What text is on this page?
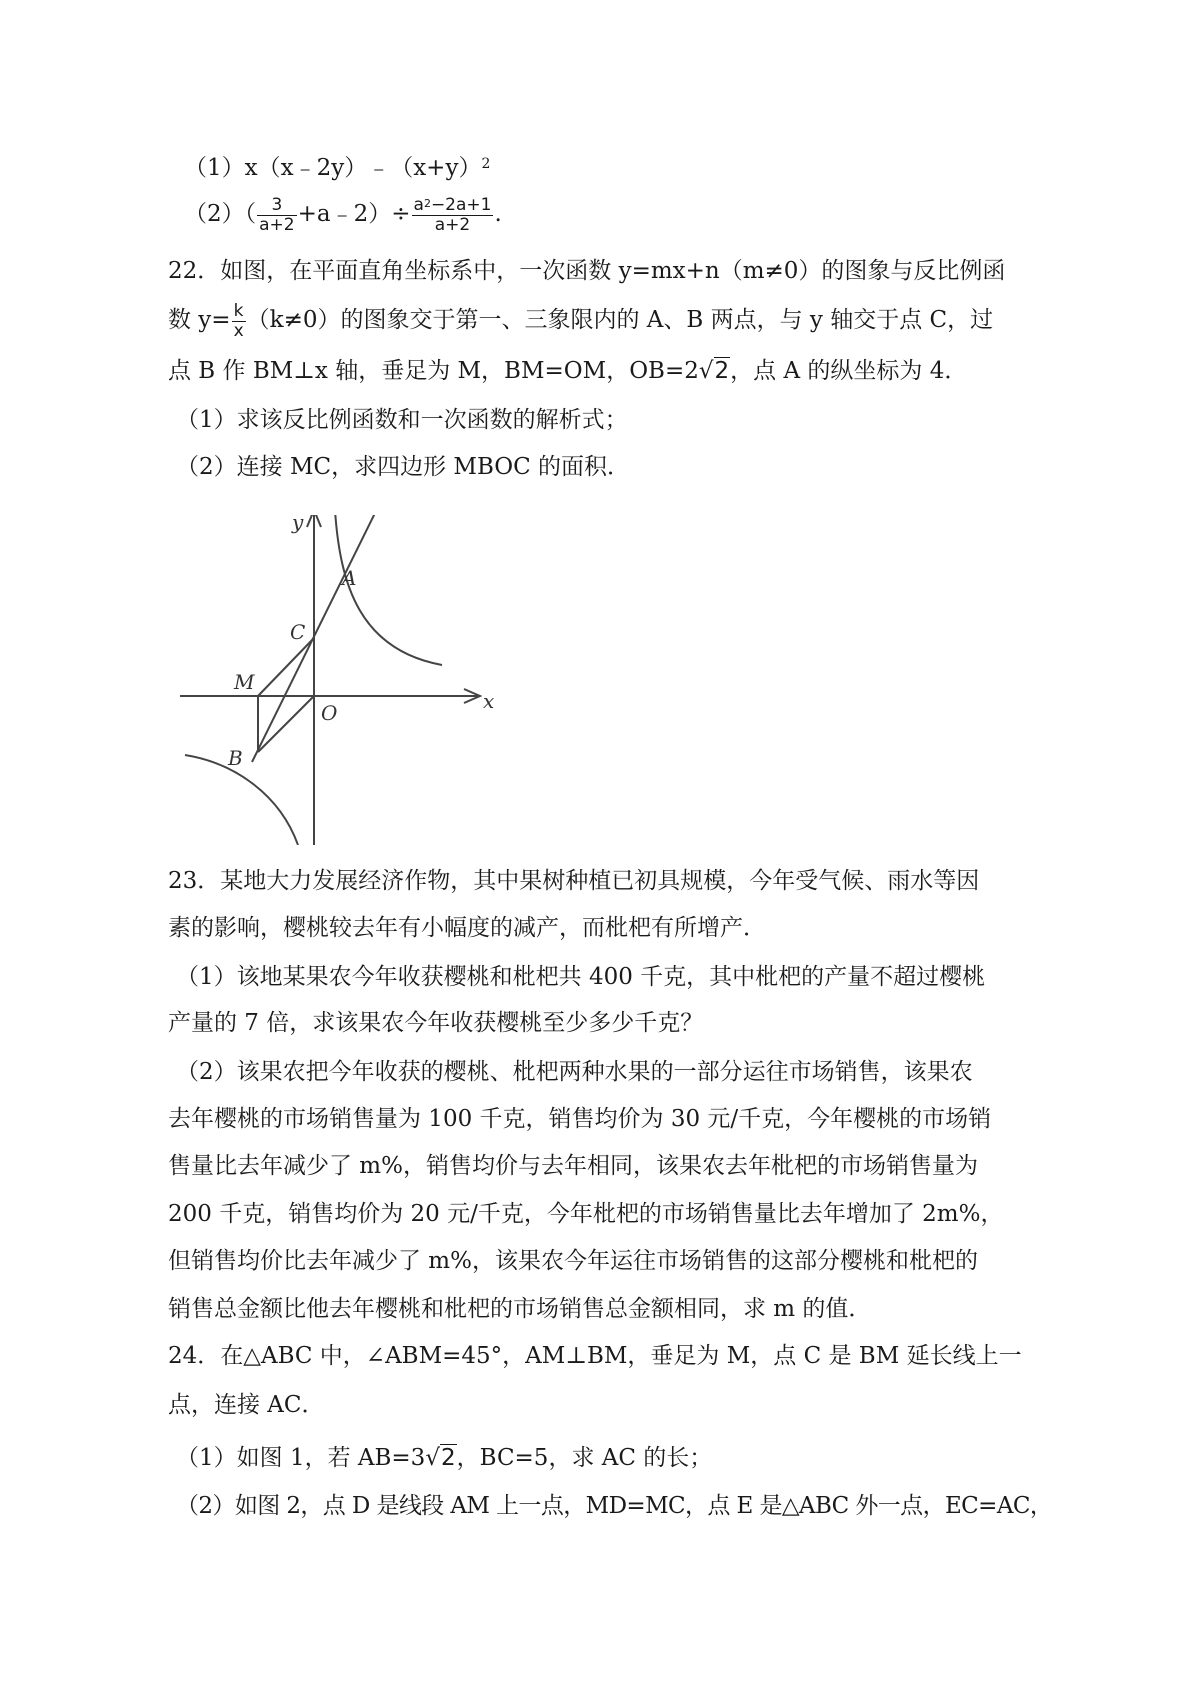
$(1)x(x﹣2y)﹣(x+y)^2$
$(2)( \frac{3}{a+2}$ +a﹣2）÷ $\frac{a^2-2a+1}{a+2}$ .
22．如图，在平面直角坐标系中，一次函数 y=mx+n（m≠0）的图象与反比例函
数 $y= \frac{k}{x} (k\ne 0)$的图象交于第一、三象限内的 A、B 两点，与 y 轴交于点 C，过
点 B 作 BM⊥x 轴，垂足为 M，BM=OM，OB=2√2，点 A 的纵坐标为 4．
（1）求该反比例函数和一次函数的解析式；
（2）连接 MC，求四边形 MBOC 的面积．
y
A
C
M
x
O
B
23．某地大力发展经济作物，其中果树种植已初具规模，今年受气候、雨水等因
素的影响，樱桃较去年有小幅度的减产，而枇杷有所增产．
（1）该地某果农今年收获樱桃和枇杷共 400 千克，其中枇杷的产量不超过樱桃
产量的 7 倍，求该果农今年收获樱桃至少多少千克？
（2）该果农把今年收获的樱桃、枇杷两种水果的一部分运往市场销售，该果农
去年樱桃的市场销售量为 100 千克，销售均价为 30 元/千克，今年樱桃的市场销
售量比去年减少了 m%，销售均价与去年相同，该果农去年枇杷的市场销售量为
200 千克，销售均价为 20 元/千克，今年枇杷的市场销售量比去年增加了 2m%，
但销售均价比去年减少了 m%，该果农今年运往市场销售的这部分樱桃和枇杷的
销售总金额比他去年樱桃和枇杷的市场销售总金额相同，求 m 的值．
24．在△ABC 中，∠ABM=45°，AM⊥BM，垂足为 M，点 C 是 BM 延长线上一
点，连接 AC．
（1）如图 1，若 AB=3√2，BC=5，求 AC 的长；
（2）如图 2，点 D 是线段 AM 上一点，MD=MC，点 E 是△ABC 外一点，EC=AC，
